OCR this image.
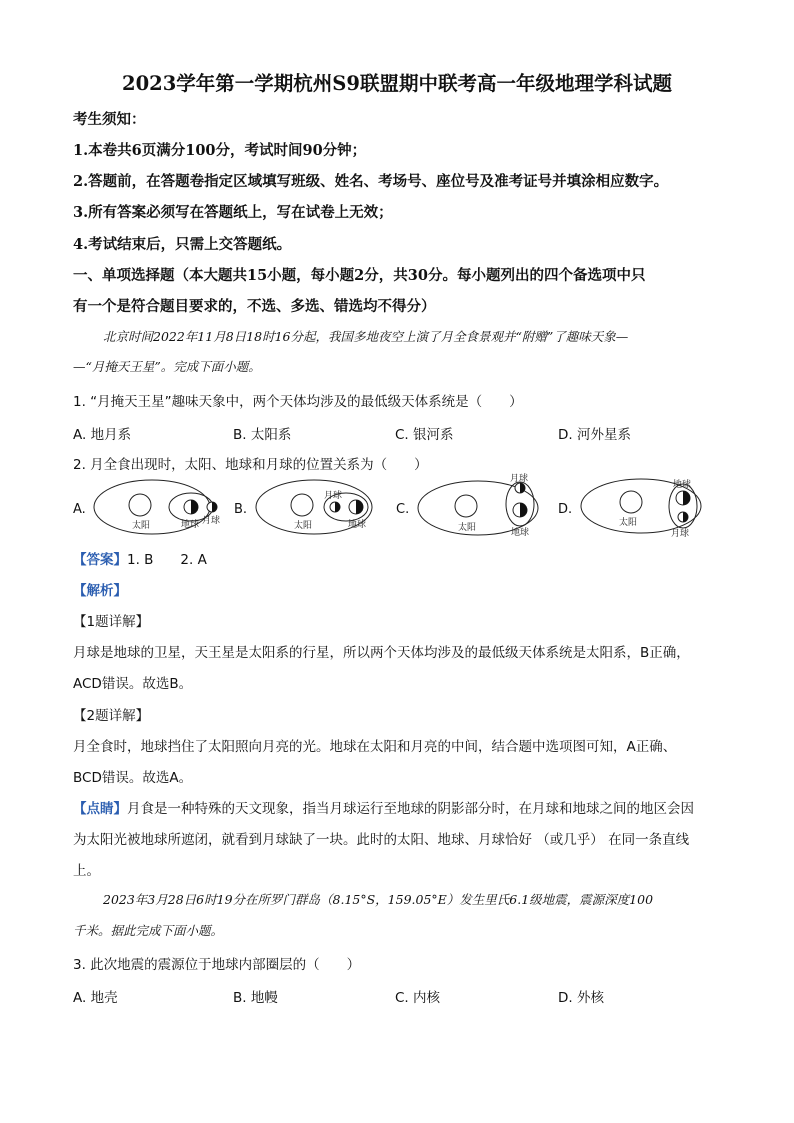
2023学年第一学期杭州S9联盟期中联考高一年级地理学科试题
考生须知：
1.本卷共6页满分100分，考试时间90分钟；
2.答题前，在答题卷指定区域填写班级、姓名、考场号、座位号及准考证号并填涂相应数字。
3.所有答案必须写在答题纸上，写在试卷上无效；
4.考试结束后，只需上交答题纸。
一、单项选择题（本大题共15小题，每小题2分，共30分。每小题列出的四个备选项中只
有一个是符合题目要求的，不选、多选、错选均不得分）
北京时间2022年11月8日18时16分起，我国多地夜空上演了月全食景观并“附赠”了趣味天象—
—“月掩天王星”。完成下面小题。
1. “月掩天王星”趣味天象中，两个天体均涉及的最低级天体系统是（　　）
A. 地月系	B. 太阳系	C. 银河系	D. 河外星系
2. 月全食出现时，太阳、地球和月球的位置关系为（　　）
A.
太阳	地球 月球
B.
太阳
月球
地球
C.
太阳
月球
地球
D.
太阳
地球
月球
【答案】1. B　　2. A
【解析】
【1题详解】
月球是地球的卫星，天王星是太阳系的行星，所以两个天体均涉及的最低级天体系统是太阳系，B正确，
ACD错误。故选B。
【2题详解】
月全食时，地球挡住了太阳照向月亮的光。地球在太阳和月亮的中间，结合题中选项图可知，A正确、
BCD错误。故选A。
【点睛】月食是一种特殊的天文现象，指当月球运行至地球的阴影部分时，在月球和地球之间的地区会因
为太阳光被地球所遮闭，就看到月球缺了一块。此时的太阳、地球、月球恰好 （或几乎） 在同一条直线
上。
2023年3月28日6时19分在所罗门群岛（8.15°S，159.05°E）发生里氏6.1级地震，震源深度100
千米。据此完成下面小题。
3. 此次地震的震源位于地球内部圈层的（　　）
A. 地壳	B. 地幔	C. 内核	D. 外核
